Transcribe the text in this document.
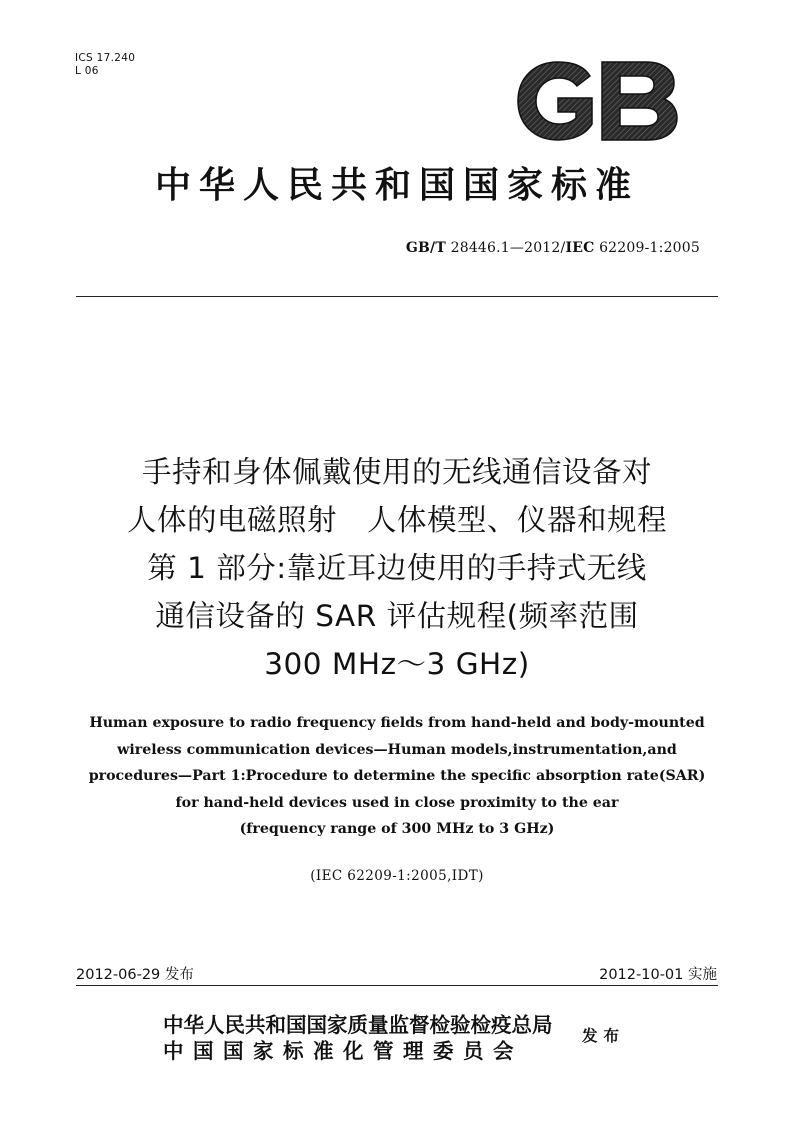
ICS 17.240
L 06
中华人民共和国国家标准
GB/T 28446.1—2012/IEC 62209-1:2005
手持和身体佩戴使用的无线通信设备对
人体的电磁照射　人体模型、仪器和规程
第 1 部分:靠近耳边使用的手持式无线
通信设备的 SAR 评估规程(频率范围
300 MHz～3 GHz)
Human exposure to radio frequency fields from hand-held and body-mounted
wireless communication devices—Human models,instrumentation,and
procedures—Part 1:Procedure to determine the specific absorption rate(SAR)
for hand-held devices used in close proximity to the ear
(frequency range of 300 MHz to 3 GHz)
(IEC 62209-1:2005,IDT)
2012-06-29 发布	2012-10-01 实施
中华人民共和国国家质量监督检验检疫总局
中国国家标准化管理委员会
发布
